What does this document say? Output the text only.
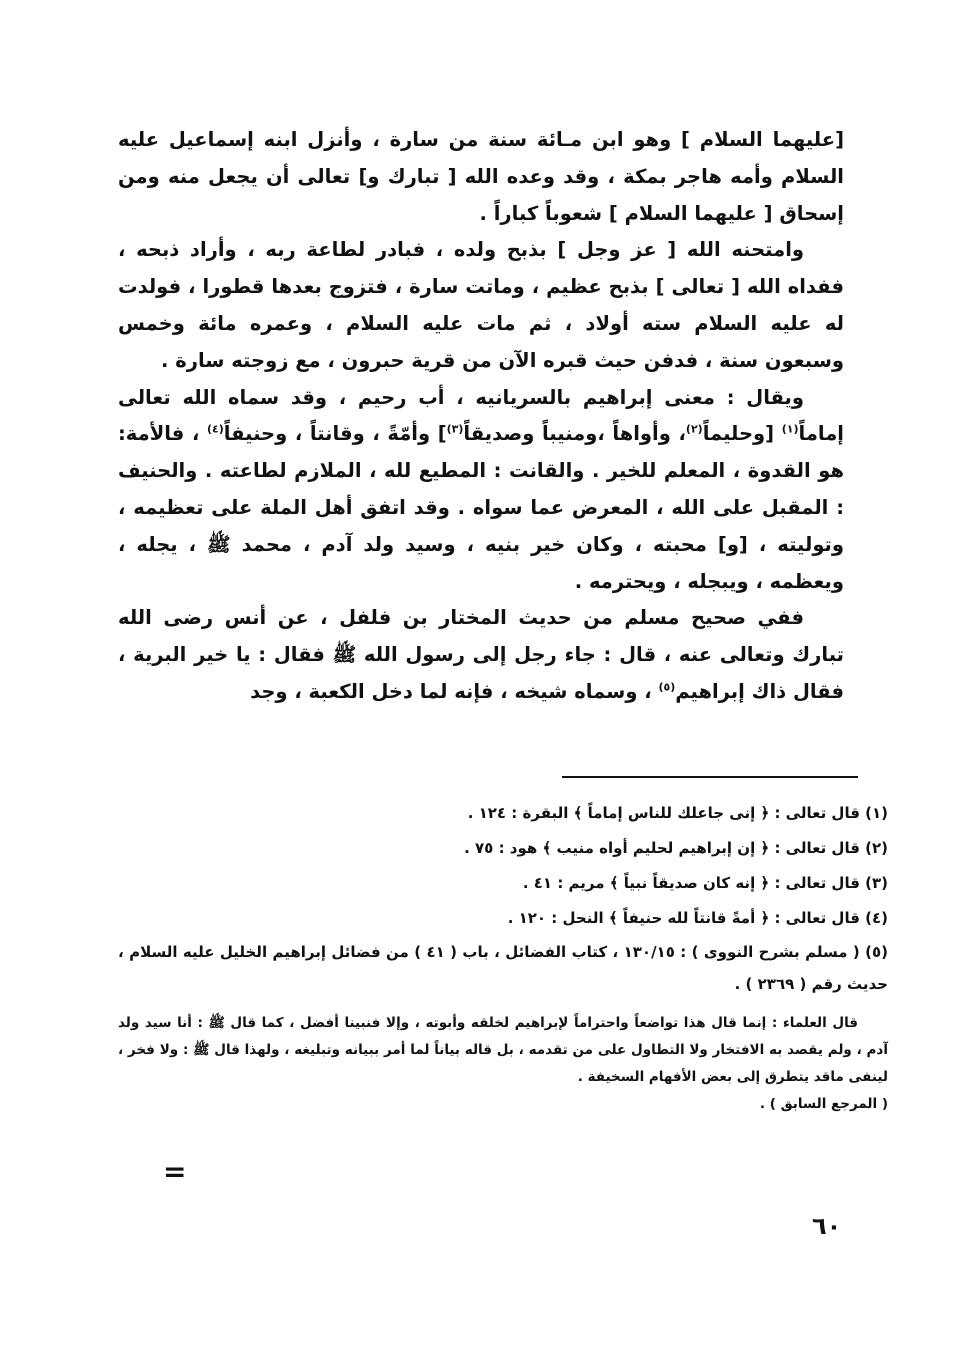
[عليهما السلام ] وهو ابن مـائة سنة من سارة ، وأنزل ابنه إسماعيل عليه السلام وأمه هاجر بمكة ، وقد وعده الله [ تبارك و] تعالى أن يجعل منه ومن إسحاق [ عليهما السلام ] شعوباً كباراً .

وامتحنه الله [ عز وجل ] بذبح ولده ، فبادر لطاعة ربه ، وأراد ذبحه ، ففداه الله [ تعالى ] بذبح عظيم ، وماتت سارة ، فتزوج بعدها قطورا ، فولدت له عليه السلام سته أولاد ، ثم مات عليه السلام ، وعمره مائة وخمس وسبعون سنة ، فدفن حيث قبره الآن من قرية حبرون ، مع زوجته سارة .

ويقال : معنى إبراهيم بالسريانيه ، أب رحيم ، وقد سماه الله تعالى إماماً$^{(١)}$ [وحليماً$^{(٢)}$، وأواهاً ،ومنيباً وصديقاً$^{(٣)}$] وأمّةً ، وقانتاً ، وحنيفاً$^{(٤)}$ ، فالأمة: هو القدوة ، المعلم للخير . والقانت : المطيع لله ، الملازم لطاعته . والحنيف : المقبل على الله ، المعرض عما سواه . وقد اتفق أهل الملة على تعظيمه ، وتوليته ، [و] محبته ، وكان خير بنيه ، وسيد ولد آدم ، محمد ﷺ ، يجله ، ويعظمه ، ويبجله ، ويحترمه .

ففي صحيح مسلم من حديث المختار بن فلفل ، عن أنس رضى الله تبارك وتعالى عنه ، قال : جاء رجل إلى رسول الله ﷺ فقال : يا خير البرية ، فقال ذاك إبراهيم$^{(٥)}$ ، وسماه شيخه ، فإنه لما دخل الكعبة ، وجد

(١) قال تعالى : ﴿ إنى جاعلك للناس إماماً ﴾ البقرة : ١٢٤ .

(٢) قال تعالى : ﴿ إن إبراهيم لحليم أواه منيب ﴾ هود : ٧٥ .

(٣) قال تعالى : ﴿ إنه كان صديقاً نبياً ﴾ مريم : ٤١ .

(٤) قال تعالى : ﴿ أمةً قانتاً لله حنيفاً ﴾ النحل : ١٢٠ .

(٥) ( مسلم بشرح النووى ) : ١٣٠/١٥ ، كتاب الفضائل ، باب ( ٤١ ) من فضائل إبراهيم الخليل عليه السلام ، حديث رقم ( ٢٣٦٩ ) .

قال العلماء : إنما قال هذا تواضعاً واحتراماً لإبراهيم لخلقه وأبوته ، وإلا فنبينا أفضل ، كما قال ﷺ : أنا سيد ولد آدم ، ولم يقصد به الافتخار ولا التطاول على من تقدمه ، بل قاله بياناً لما أمر ببيانه وتبليغه ، ولهذا قال ﷺ : ولا فخر ، لينفى ماقد يتطرق إلى بعض الأفهام السخيفة .

( المرجع السابق ) .

=
٦٠
